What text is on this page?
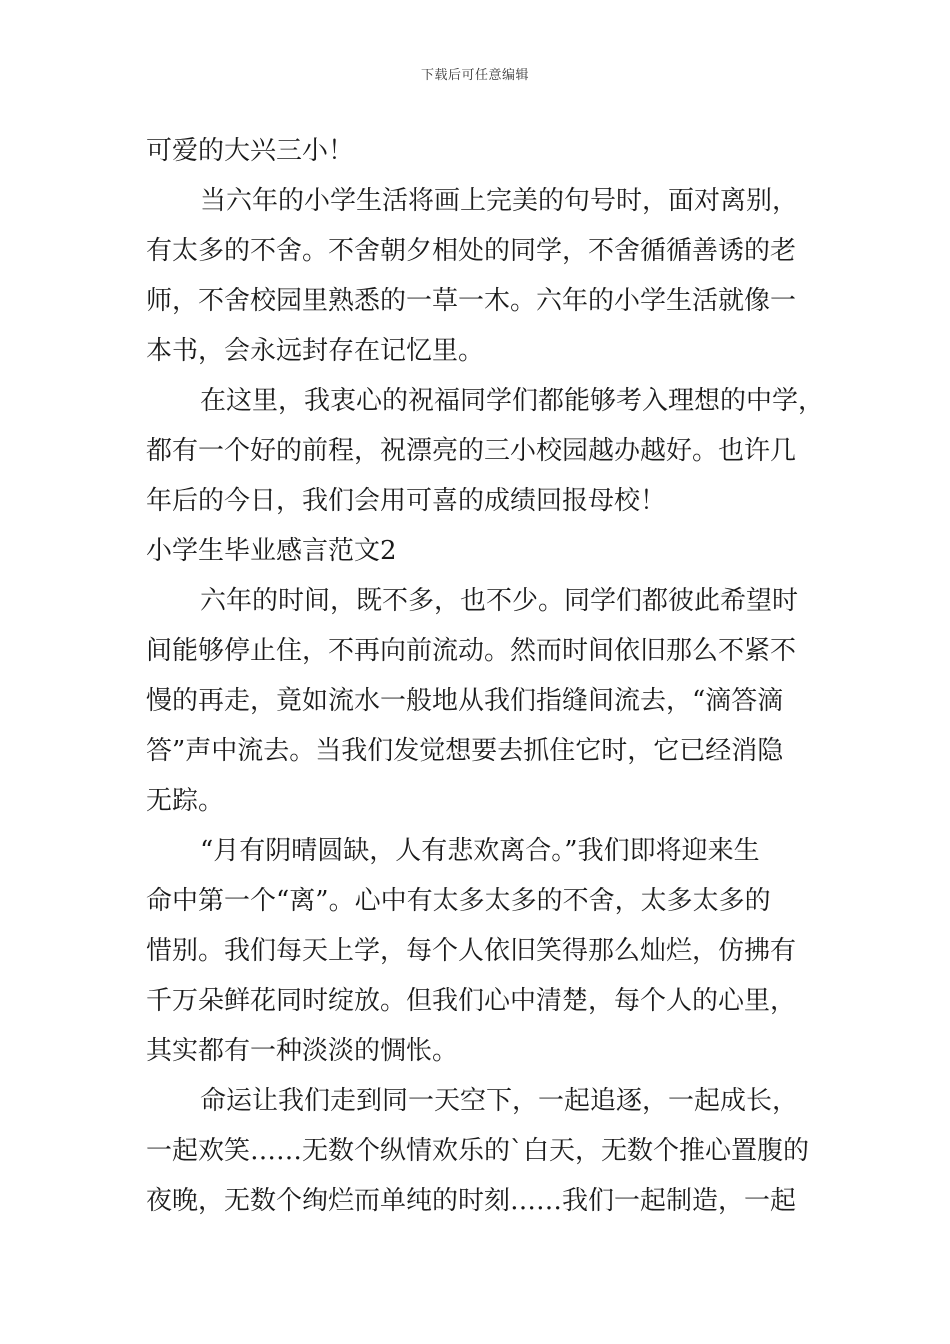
下载后可任意编辑
可爱的大兴三小！
当六年的小学生活将画上完美的句号时，面对离别，
有太多的不舍。不舍朝夕相处的同学，不舍循循善诱的老
师，不舍校园里熟悉的一草一木。六年的小学生活就像一
本书，会永远封存在记忆里。
在这里，我衷心的祝福同学们都能够考入理想的中学，
都有一个好的前程，祝漂亮的三小校园越办越好。也许几
年后的今日，我们会用可喜的成绩回报母校！
小学生毕业感言范文2
六年的时间，既不多，也不少。同学们都彼此希望时
间能够停止住，不再向前流动。然而时间依旧那么不紧不
慢的再走，竟如流水一般地从我们指缝间流去，“滴答滴
答”声中流去。当我们发觉想要去抓住它时，它已经消隐
无踪。
“月有阴晴圆缺，人有悲欢离合。”我们即将迎来生
命中第一个“离”。心中有太多太多的不舍，太多太多的
惜别。我们每天上学，每个人依旧笑得那么灿烂，仿拂有
千万朵鲜花同时绽放。但我们心中清楚，每个人的心里，
其实都有一种淡淡的惆怅。
命运让我们走到同一天空下，一起追逐，一起成长，
一起欢笑……无数个纵情欢乐的`白天，无数个推心置腹的
夜晚，无数个绚烂而单纯的时刻……我们一起制造，一起
